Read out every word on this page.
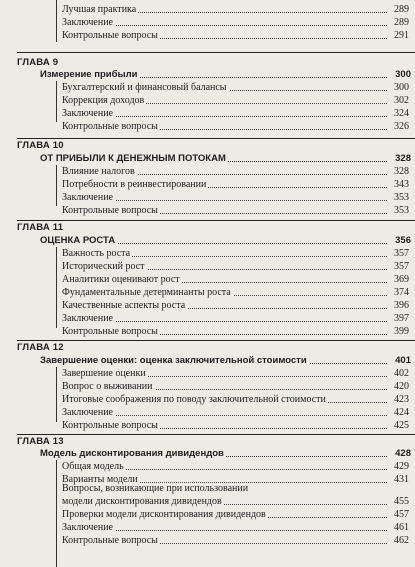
Лучшая практика	289
Заключение	289
Контрольные вопросы	291
ГЛАВА 9
Измерение прибыли	300
Бухгалтерский и финансовый балансы	300
Коррекция доходов	302
Заключение	324
Контрольные вопросы	326
ГЛАВА 10
ОТ ПРИБЫЛИ К ДЕНЕЖНЫМ ПОТОКАМ	328
Влияние налогов	328
Потребности в реинвестировании	343
Заключение	353
Контрольные вопросы	353
ГЛАВА 11
ОЦЕНКА РОСТА	356
Важность роста	357
Исторический рост	357
Аналитики оценивают рост	369
Фундаментальные детерминанты роста	374
Качественные аспекты роста	396
Заключение	397
Контрольные вопросы	399
ГЛАВА 12
Завершение оценки: оценка заключительной стоимости	401
Завершение оценки	402
Вопрос о выживании	420
Итоговые соображения по поводу заключительной стоимости	423
Заключение	424
Контрольные вопросы	425
ГЛАВА 13
Модель дисконтирования дивидендов	428
Общая модель	429
Варианты модели	431
Вопросы, возникающие при использовании
модели дисконтирования дивидендов	455
Проверки модели дисконтирования дивидендов	457
Заключение	461
Контрольные вопросы	462
